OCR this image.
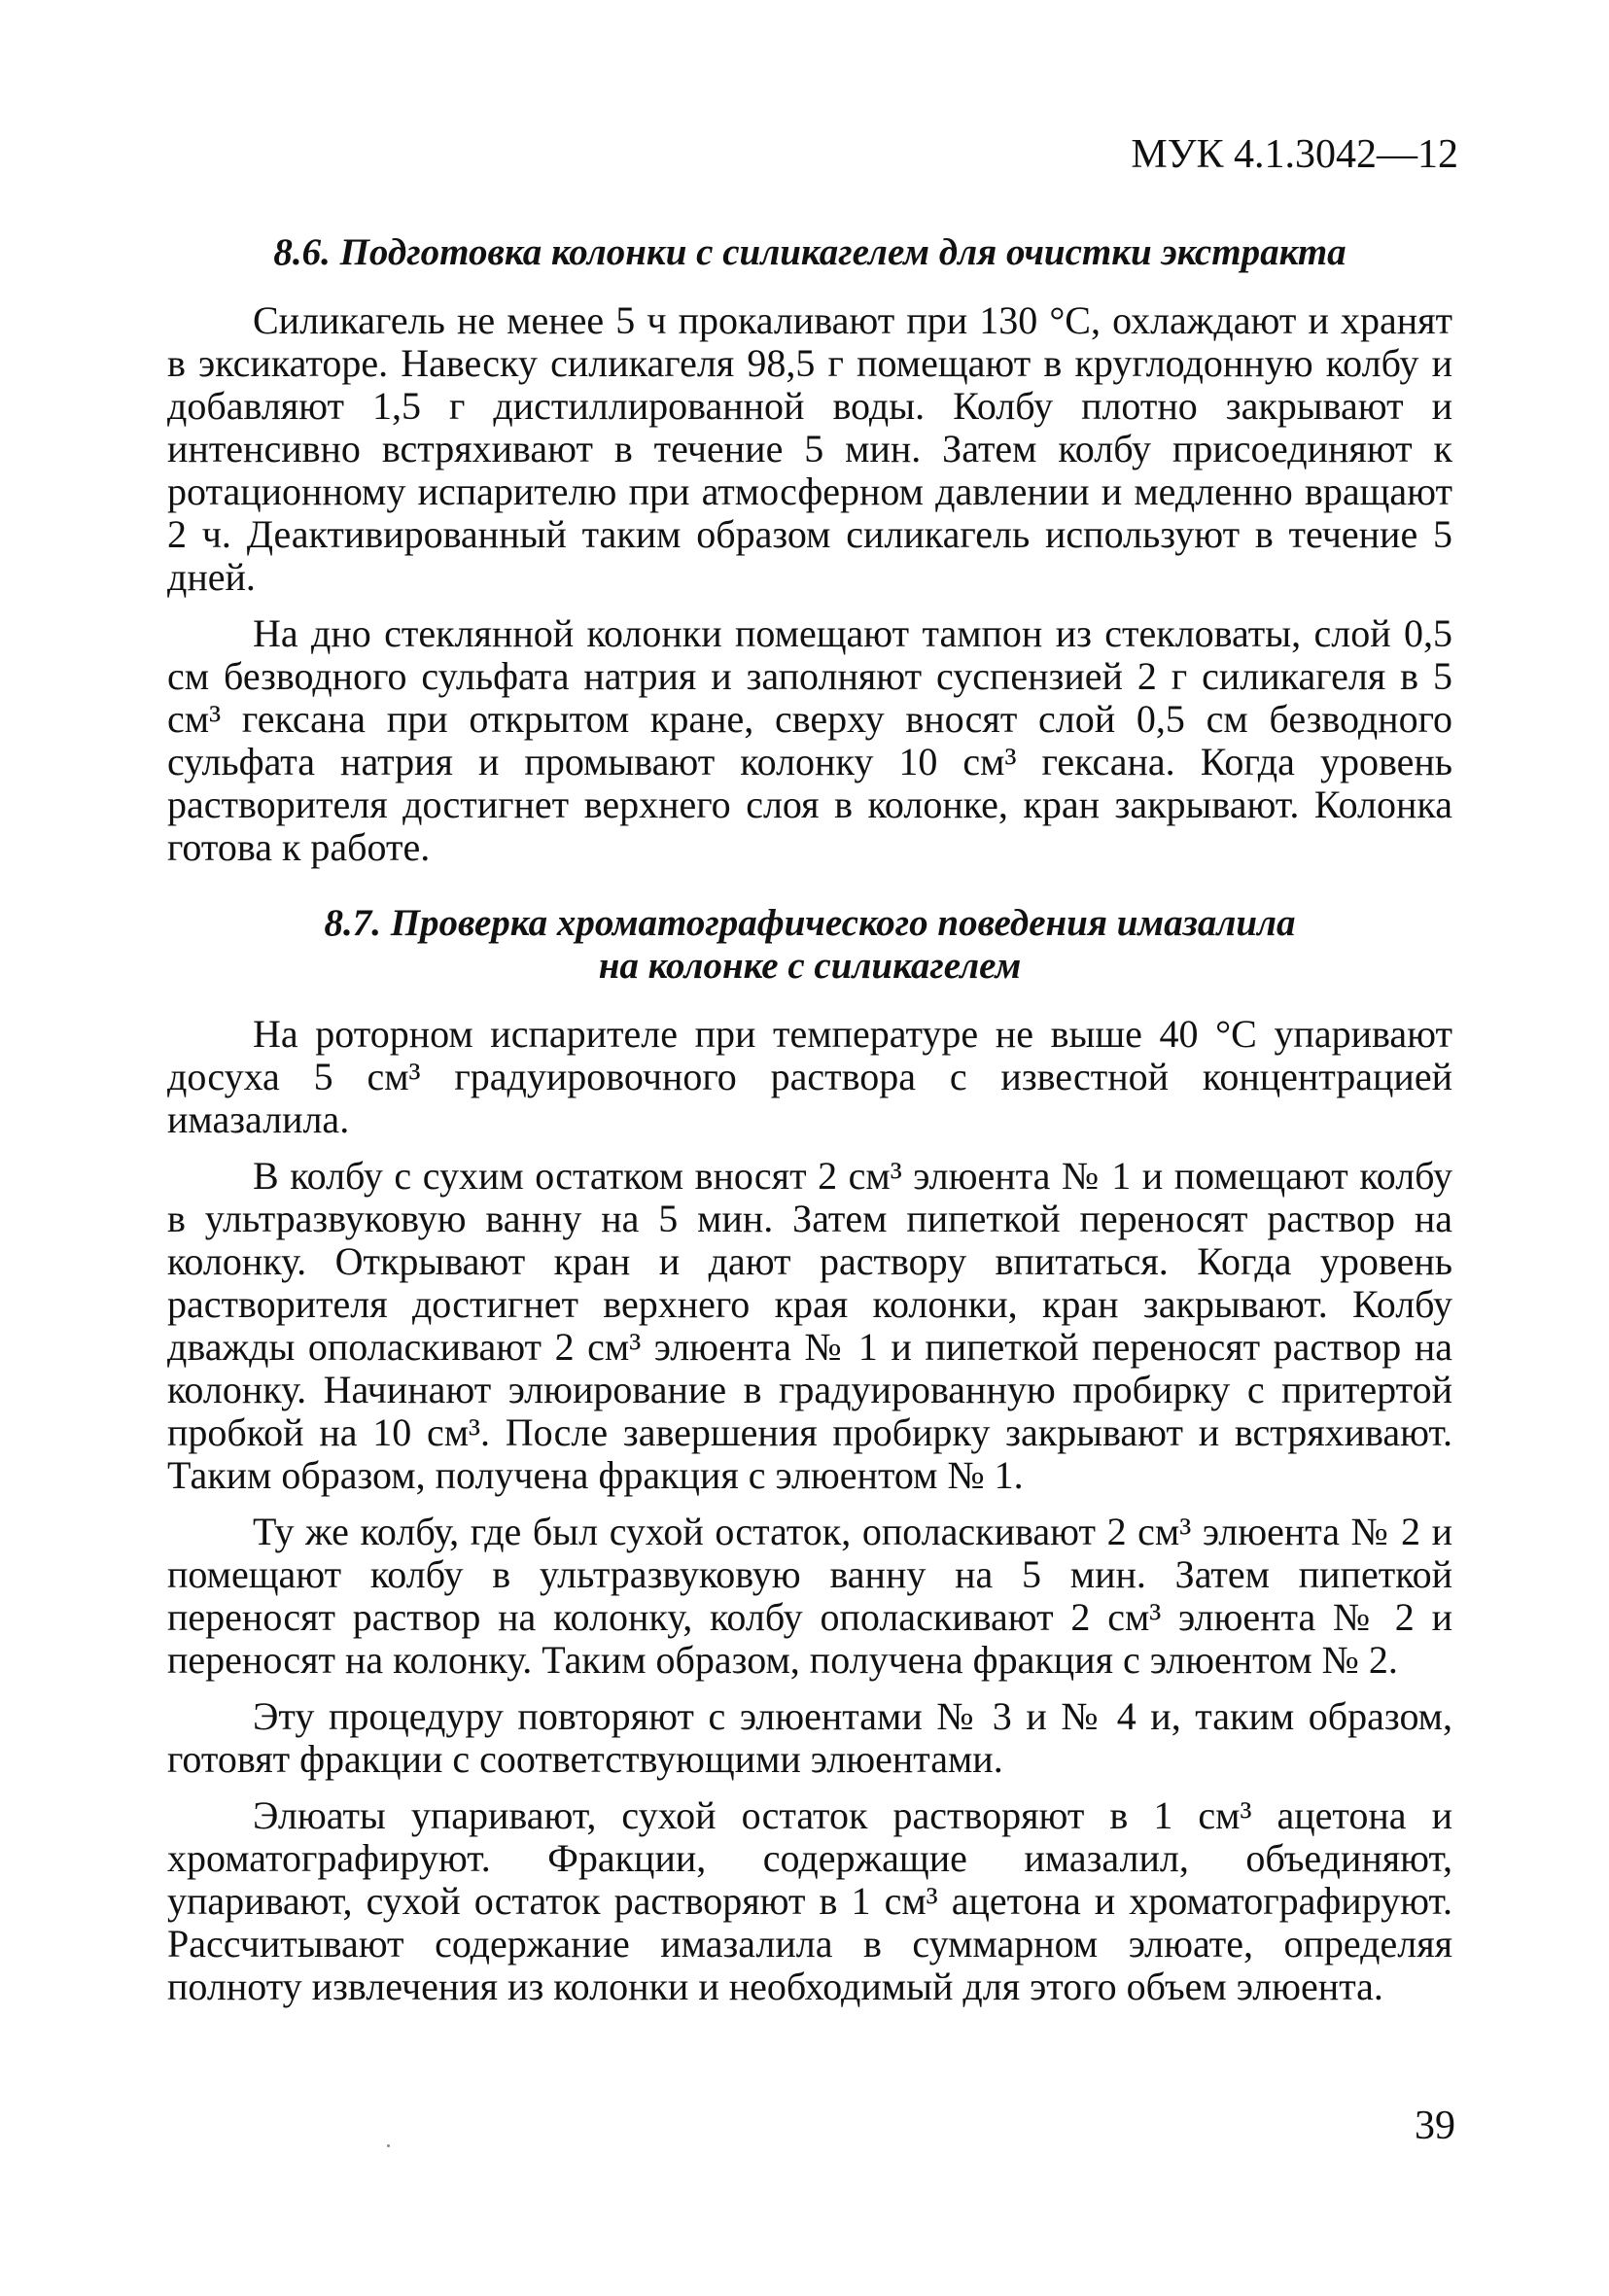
МУК 4.1.3042—12
8.6. Подготовка колонки с силикагелем для очистки экстракта

Силикагель не менее 5 ч прокаливают при 130 °С, охлаждают и хранят в эксикаторе. Навеску силикагеля 98,5 г помещают в круглодонную колбу и добавляют 1,5 г дистиллированной воды. Колбу плотно закрывают и интенсивно встряхивают в течение 5 мин. Затем колбу присоединяют к ротационному испарителю при атмосферном давлении и медленно вращают 2 ч. Деактивированный таким образом силикагель используют в течение 5 дней.

На дно стеклянной колонки помещают тампон из стекловаты, слой 0,5 см безводного сульфата натрия и заполняют суспензией 2 г силикагеля в 5 см³ гексана при открытом кране, сверху вносят слой 0,5 см безводного сульфата натрия и промывают колонку 10 см³ гексана. Когда уровень растворителя достигнет верхнего слоя в колонке, кран закрывают. Колонка готова к работе.

8.7. Проверка хроматографического поведения имазалила
на колонке с силикагелем

На роторном испарителе при температуре не выше 40 °С упаривают досуха 5 см³ градуировочного раствора с известной концентрацией имазалила.

В колбу с сухим остатком вносят 2 см³ элюента № 1 и помещают колбу в ультразвуковую ванну на 5 мин. Затем пипеткой переносят раствор на колонку. Открывают кран и дают раствору впитаться. Когда уровень растворителя достигнет верхнего края колонки, кран закрывают. Колбу дважды ополаскивают 2 см³ элюента № 1 и пипеткой переносят раствор на колонку. Начинают элюирование в градуированную пробирку с притертой пробкой на 10 см³. После завершения пробирку закрывают и встряхивают. Таким образом, получена фракция с элюентом № 1.

Ту же колбу, где был сухой остаток, ополаскивают 2 см³ элюента № 2 и помещают колбу в ультразвуковую ванну на 5 мин. Затем пипеткой переносят раствор на колонку, колбу ополаскивают 2 см³ элюента № 2 и переносят на колонку. Таким образом, получена фракция с элюентом № 2.

Эту процедуру повторяют с элюентами № 3 и № 4 и, таким образом, готовят фракции с соответствующими элюентами.

Элюаты упаривают, сухой остаток растворяют в 1 см³ ацетона и хроматографируют. Фракции, содержащие имазалил, объединяют, упаривают, сухой остаток растворяют в 1 см³ ацетона и хроматографируют. Рассчитывают содержание имазалила в суммарном элюате, определяя полноту извлечения из колонки и необходимый для этого объем элюента.

39
